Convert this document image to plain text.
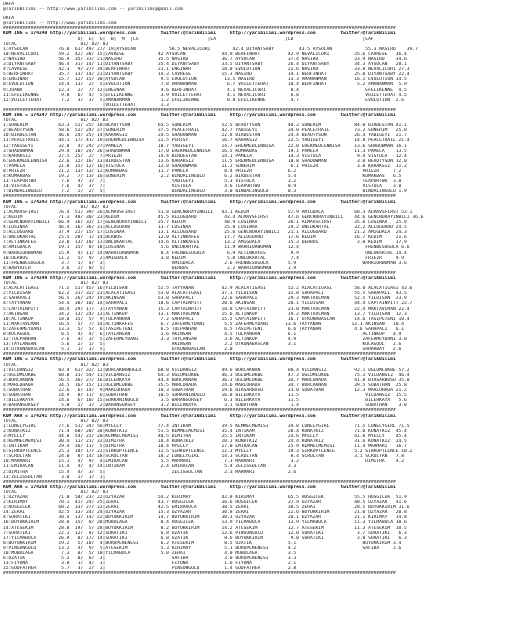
URFA
@TarikBilimi -- http://www.yaribilimi.com -- yaribilimi@gmail.com
URFA
@TarikBilimi -- http://www.yaribilimi.com
##############################################################################################################################################
KUM ING = 174240 http://yaribilimi.wordpress.com         twitter:@TarikBilimi     http://yaribilimi.wordpress.com         twitter:@TarikBilimi
O|  E|  G|  B|  M  |LS                         |LA                         |LD                         |LAF
TOTAL                       81/ 82/ 83
1:AYSUCAN           76.0  61/ 49/ 27/ 19|AYSUCAN            58.5 NEVALICORI        42.4 DIYANTSABY         43.5 AYSUCAN            55.3 NASIRD    39.7
10:NEVALICORI       59.2  42/ 30/ 15|CAVRESE            42 AYSUCAN             44.9 BERFINHAT          42.9 NEVALICORI         35.6 CAVRESE   36.4
2:NASIRD            56.9  35/ 31/ 21|NASIRD             35.5 NASIRD            36.7 AYSUCAN            37.4 NASIRD             33.9 NASIRD    34.6
3:DIYANTSABY        46.4  31/ 14/ 11|DIYANTSABY         35.4 DIYANTSABY        33.5 DIYANTSABY         26.4 DIYANTSABY         34.3 AYSUCAN   28.1
4:CAVRESE           42.3   9/ 27/ 34|BERFINHAT          21.1 ENGINAR           18.0 EVOLUTION          22.6 NASIRD             33.8 NEVALICORI 27.3
5:BERFINHAT         35.7  13/ 14/ 21|DIYANTSABY         14.3 CAVRESE           15.3 NASIRD             14.1 BERFINHAT          25.0 DIYANTSABY 22.4
6:ENGINAR           15.7  12/ 15/ 30|AYSUCAN             9.5 EVOLUTION          13.5 NASIRD            13.3 AMANANMAN          16.1 EVOLUTION 14.5
8:EVOLUTION         14.4  13/  2/  5|EVOLUTION           7.8 AMANANMAN           6.7 VOILETTEHAT       10.4 BERFINHAT           5.2 AMANANMAN  5.9
9:JOANA             12.3   2/  7/ 12|ENGINAR             4.6 BERFINHAT           4.1 NEVALICORI         8.4                        EFELIKENNE  4.5
11:EFELIKENNE        9.8   6/  4/  5|EFELIKENNE          3.9 VOILETTEHAT         4.1 NEVALICORI         6.8                        VOILETTEHAT 4.5
12:VOILETTEHAT       7.2   3/  3/  5|AMANANMAN           1.2 EFELIKENNE          0.8 EFELIKENNE         4.7                        EVOLUTION  2.6
|VOILETTEHAT         1.3
##############################################################################################################################################
KUM ING = 174247 http://yaribilimi.wordpress.com         twitter:@TarikBilimi     http://yaribilimi.wordpress.com         twitter:@TarikBilimi
TOTAL                       81/ 82/ 83
1:SONERIM           63.3  51/ 25/ 18|BEAUTYSUN          65.5 SONERIM           52.5 BEAUTYSUN          40.2 SONERIM            84.0 BIRDESTAN 41.1
2:BEAUTYSUN         58.6  52/ 24/ 27|SONERIM            37.5 PEACETRAIL        42.7 YABIGEYI           34.8 PEACETRAIL         73.2 SONERIM   25.8
10:BIRDESTAN        46.6  24/ 25/ 14|KARAKSIZ           24.5 SHADOWMAN         22.8 BIRDESTAN          24.4 BEAUTYSUN          26.4 YABIGEYI  21.7
11:PEACETRAIL       44.1  17/ 41/ 19|EREKMEDLENNISA     22.5 PIRISY            16.7 KARAKSIZ           22.5 YABIGEYI           14.8 PEACETRAIL 21.4
12:YABIGEYI         32.8   4/ 24/ 27|PAMELA             18.7 YABIGEYI          14.7 EREKMEDLENNISA     22.0 EREKMEDLENNISA     13.6 SHADOWMAN 16.1
3:SHADOWMAN         29.4  10/ 24/ 26|SHADOWMAN          17.0 EREKMEDLENNISA    16.5 KUMAKBAS           19.1 PAMELA             11.3 PAMELA    13.5
5:KARAKSIZ          27.5  25/  2/  7|PRIEZR             14.4 BIRDESTAN         14.1 PAMELA             14.3 VISTULA             9.4 VISTULA   12.4
6:EREKMEDLENNISA    22.6  12/ 16/ 13|BIRDESTAN          13.6 KARAKSIZ          11.5 EREKMEDLENNISA     10.8 SHADOWMAN           3.0 BEAUTYSUN 12.0
7:PAMELA            21.8  15/ 12/ 16|VISTULA            12.8 SHADOWMAN         11.2 SONERIM             6.1 PRIEZR              3.0 KARAKSIZ  11.2
8:PRIEZR            21.2  13/ 13/ 12|KUMAKBAS           11.7 PAMELA             8.4 PRIEZR             6.2                        PRIEZR     7.2
4:KUMAKBAS          19.2   7/ 13/ 16|SONERIM             2.2 BINDALINGULU       6.2 BIRDESTAN          5.4                        KUMAKBAS   6.5
13:TEAPORTWO         7.6   4/  3/  7|                        YABIGEYI           5.3 VISTULA            3.2                        TEAPORTWO  3.0
14:VISTULA           7.6   4/  3/  7|                        VISTULA            4.6 TEAPORTWO          0.9                        VISTULA    3.0
7:BINDALINGULU       7.2   1/  2/  5|                        BINDALINGULU       3.0 BINDALINGULU       0.3                        BINDALINGULU 1.9
##############################################################################################################################################
KUM ING = 174243 http://yaribilimi.wordpress.com         twitter:@TarikBilimi     http://yaribilimi.wordpress.com         twitter:@TarikBilimi
TOTAL                       81/ 82/ 83
1:ALMAVSFIRST       76.4  51/ 39/ 26|ALMAVSFIRST        51.8 GENCNORAYINBILI   43.1 KEDIM              57.9 AMIGDALA           68.3 ALMAVSFIRST 53.1
2:KEDIM             71.3  48/ 30/ 23|KEDIM              45.5 ALLOGUARD          43.4 ALMAVSFIRST       47.6 GENCNORAYINBILI    44.6 GENCNORAYINBILI 36.6
3:GENCNORAYINBILI   66.9  36/ 33/ 17|GENCNORAYINBILI    35.7 KEDIM              40.9 LUSINAA           36.1 ALMAVSFIRST        35.6 LUSINAA   25.9
4:LUSINAA           46.4  16/ 36/ 31|ALLOGUARD          13.7 LUSINAA            25.8 LUSINAA           29.2 UNLUKARTAL         32.2 ALLOGUARD 24.5
5:ALLOGUARD         37.9  22/ 15/ 17|LUSINAA            13.1 ALLOGUARD          25.6 GENCNORAYINBILI   21.1 ALLOGUARD          21.2 AMIGDALA  24.3
6:UNLUKARTAL        25.5  20/  1/ 14|DERBUS             12.0 ALTINKAFES         17.7 ALLOGUARD         17.6 KEDIM              16.7 KEDIM     21.6
7:ALTINKAFES        23.0  13/ 10/ 11|UNLUKARTAL         14.6 ALTINKAFES         13.2 AMIGDALA          15.3 DERBUS              3.0 KEDIM     17.9
8:AMIGDALA          19.1  15/  8/ 18|LUSINAA             5.6 UNLUKARTAL         11.9 WARRIORWOMAN      12.4                        FRENBESOGOLA 6.6
9:WARRIORWOMAN      15.9   4/ 11/ 14|WARRIORWOMAN        8.4 FRENBESOGOLA        6.9 ALTINKAFES         9.9                        UNLUKARTAL 14.4
10:DERBUS           11.2   5/  9/  2|AMIGDALA            3.8 KEDIM               5.0 UNLUKARTAL         7.4                        FRIEZR     9.9
11:FRENBESOGOLA      3.7   1/  4/  3|                        AMIGDALA           2.6 FRENBESOGOLA       5.9                        WARRIORWOMAN 3.6
8:BABYRICH           3.6   2/  0/  5|                        DERBUS              2.2 WARRIORWOMAN      1.9
##############################################################################################################################################
KUM ING = 174249 http://yaribilimi.wordpress.com         twitter:@TarikBilimi     http://yaribilimi.wordpress.com         twitter:@TarikBilimi
TOTAL                       81/ 82/ 83
1:ALACATIGASI       71.5  51/ 45/ 16|YILDISAN           52.5 TAYYANAN          42.9 ALACATIGASI        52.2 ALACATIGASI        56.0 ALACATIGASI 43.6
2:YILDISAN          62.2  31/ 32/ 23|ALACATIGASI        53.0 ALACATIGASI       37.1 YILDISAN           32.8 SAHAPALI           55.5 SAHAPALI  43.5
3:SAHAPALI          56.5  26/ 24/ 19|AKINSAN            53.0 SAHAPALI          22.6 SAHAPALI           29.3 MAKTAVLMAN         52.5 YILDISAN  23.9
4:TAYYANAN          54.4  38/ 18/ 14|SAHAPALI           18.6 CAPTAINPITT       20.6 AKINSAN            28.1 YILDISAN           44.4 CAPTAINPITT 22.7
5:CAPTAINPITT       38.4  29/ 17/  3|TAYYANAN           15.3 CAPTAINPITT       18.8 CAPTAINPITT        23.0 MAKTAVLMAN         22.4 MAKTAVLMAN 22.4
7:AKINSAN           34.2  13/ 24/ 13|ALTINKOP           13.1 MAKTAVLMAN        15.6 ALTINKOP           19.2 MAKTAVLMAN         13.7 YILDISAN  12.3
10:ALTINKOP         18.0  15/  5/  9|TULPANHAN           7.2 SAHAPALI          15.5 CAPTAINPITT        16.7 UTKUNABASCAN       14.6 TASIPETENI 10.4
11:MAKTAVLMAN       16.5   5/  7/ 14|ALTINKAFES          6.7 ZAFERMEYDANI       5.5 ZAFERMEYDANI      13.6 TAYYANAN           12.1 AKINSAN   10.4
6:ZAFERMEYDANI      13.3   5/  5/  6|TASIPETENI          6.5 TULPANHAN          6.5 TASIPETENI         6.6 TAYYANAN            4.6 SAHAPALI   6.1
8:KOCAGOUL           8.5   4/  4/  6|TAYLANSAN           3.6 AKINSAN            4.5 TULPANHAN          6.1                        ALTINKOP   4.9
12:TULPANHAN         7.6   4/  3/  5|ZAFERMEYDANI        3.3 TAYLANSAN          3.6 ALTINKOP           4.9                        ZAFERMEYDANI 3.0
13:TAYLANSAN         5.6   2/  1/  5|                        AKINSAN            2.2 UTKUNABASCAN       3.1                        KOCAGOUL   2.6
14:UTKUNABASCAN      5.1   1/  3/  5|                        UTKUNABASCAN       2.0                                               SAHARBAY   2.6
##############################################################################################################################################
KUM ING = 174251 http://yaribilimi.wordpress.com         twitter:@TarikBilimi     http://yaribilimi.wordpress.com         twitter:@TarikBilimi
TOTAL                       81/ 82/ 83
1:VICDANSIZ         83.4  61/ 32/ 12|BURCAKNANOGLU      68.8 VICDANSIZ         49.6 BURCAKNAN          80.4 VICDANSIZ          92.1 OGLUMLUKBE 57.2
2:OGLUMLUKBE        68.8  31/ 54/ 11|VICDANSIZ          64.3 OGLUMLUKBE        46.3 OGLUMLUKBE         47.3 OGLUMLUKBE         75.3 VICDANSIZ  46.4
3:BURCAKNAN         56.5  36/ 27/ 16|BILERKAYA          44.4 BURCAKNAN         36.3 OGLUMLUKBE         34.7 MARLUHADA          41.8 BIRSARBOSO 35.0
4:MARLUHADA         34.5  16/ 15/ 11|OGLUMLUKBE         35.5 MARLUHADA         24.6 MARLUHADA          34.7 BURCAKNAN          39.5 SUBATHAN  25.8
5:SUBATHAN          22.6   6/ 14/  9|MARLUHADA          18.3 SUBATHAN          19.6 BIRSARBOSO         23.0 SUBATHAN           12.3 MARLUHADA 21.2
6:SUBATHAN          14.9   8/ 11/  6|SUBATHAN           10.5 SURKANINOGLU      16.8 BILERKAYA          11.5                        VICDANSIZ  15.5
7:BILERKAYA         14.6   6/ 10/ 15|SURKANINOGLU        3.5 BARANSORSEY        6.3 BILERKAYA          11.5                        BILERKAYA   5.6
8:BARANSORSEY        5.0   2/  3/  2|BARANSORSEY         3.2 BILERKAYA          3.1 SUBATHAN            1.4                        SUBATHAN    3.0
##############################################################################################################################################
KUM ARA = 174241 http://yaribilimi.wordpress.com         twitter:@TarikBilimi     http://yaribilimi.wordpress.com         twitter:@TarikBilimi
TOTAL                       81/ 82/ 83
1:LONELYGIRL        77.6  51/ 34/ 56|MYELLY             77.4 INTIKAM           39.5 KEMMECMEMISI       34.8 LONELYGIRL         71.5 LONELYGIRL 71.5
2:KUNATKIZ          71.4  60/ 20/ 30|KUNATKIZ           51.5 KEMMECMEMISI      35.4 INTIKAM            28.4 KUNATKIZ           71.0 KUNATKIZ  45.4
3:MYELLY            44.8  54/ 22/ 20|KEMMECMEMISI       40.5 DIMITRA           25.5 INTIKAM            24.6 MYELLY             41.0 MYELLY    45.4
4:KEMMECMEMISI      30.4  11/ 21/ 32|DIMITRA            18.4 KUNATKIZ          20.1 KUNATKIZ           24.4 KUNATKIZ           31.6 KUNATKIZ  24.5
5:INTIKAM           29.4  36/ 11/  5|DIMITRA            18.4 MYELLY            27.0 EMIRACAN           25.9 KEMMECMEMISI       11.4 MARMARI   16.7
6:SIRKOPTLENCE      25.3  10/ 17/ 22|SIRKOPTLENCE       12.5 SIRKOPTLENCE      22.3 MYELLY             19.3 SIRKOPTLENCE       5.2 SIRKOPTLENCE 10.2
7:SCRULTAN          24.0   8/ 14/ 18|SCRULTAN           10.2 LONELYGIRL        14.3 SCRULTAN            8.4 SCRULTAN           3.1 SCRULTAN   7.8
10:MARMARI          15.1   4/  9/  4|EMIRACAN            5.5 MARMARI            7.3 MARMARI             3.2                        DIMITRA    4.2
11:EMIRACAN         11.4   4/  4/ 14|INTIKAM             2.4 EMIRACAN           5.4 ZELISSULTAN        3.3
2:DIMITRA           15.4   4/  3/  5|                        ZELISSULTAN        2.3 MARMARI            2.6
13:ZELISSULTAN       3.0   1/  1/  1|
##############################################################################################################################################
KUM ARA = 174250 http://yaribilimi.wordpress.com         twitter:@TarikBilimi     http://yaribilimi.wordpress.com         twitter:@TarikBilimi
TOTAL                       81/ 82/ 83
1:OZYAZAR           71.0  58/ 23/ 22|OZYAZAR            54.2 KIRIMAY           42.8 KIRIMAY            65.5 HOSGICEK           55.5 HOSGICEK  51.9
2:KIRIMAY           70.1  41/ 24/ 25|ZERAI              43.7 HOSGICEK          36.6 HOSGICEK           37.9 OZYAZAR            48.5 OZYAZAR   41.6
3:HOSGICEK          60.2  33/ 27/ 22|ZERAI              42.5 EMIRAHOCA         38.5 ZERAI              30.5 ZERAI              28.5 BOYUKKIRIM 31.6
14:ZERAI            42.5  13/ 24/ 24|OZYAZAR            15.3 OZYAZAR           30.8 ZERAI              22.6 BOYUKKIRIM         21.0 OZYAZAR   20.8
4:SURATIKI          30.4  13/ 14/ 22|BOYUKKIRIM         14.7 BOYUKKIRIM        30.3 OZYAZAR            20.1 OZYAZAR            21.1 KIRIMAY   14.8
16:BOYUKKIRIM       28.8  15/  8/ 28|MOBOLAGA            8.4 HOSGICEK          13.9 YILMABOCA          13.9 YILMABOCA          11.3 YILMABOCA 10.6
14:ATESEKIM         28.8  19/  5/ 28|BOYUKKIRIM          8.2 BOYUKKIRIM        14.2 ATESEKIM           12.7 ATESEKIM           11.3 ATESEKIM  10.5
7:SURATIKI          22.1  12/  8/ 12|SURATIKI            6.8 OZATIK            12.6 PINSONGOLU         12.0 SURATIKI            3.7 SURATIKI   6.3
17:YILMABOCA        26.9   8/ 17/ 14|SURATIKI            6.8 OZATIK             8.6 BOYUKKIRIM          9.0 SURATIKI            3.0 SURATIKI   6.3
8:BOYUKKIRIM        19.2   5/ 10/  4|BURUPENENESI        6.2 ATESEKIM           8.5 OZATIK             5.1                        BOYUKKIRIM 3.4
9:PINSONGOLU        13.2   4/  9/  5|ATESEKIM            5.3 KIRIMAY            5.1 BURUPENENESI       4.2                        SAFIBA     2.6
10:MOBOLAGA          7.3   0/  5/ 10|YILMABOCA           5.0 ZERAI              4.0 MOBOLAGA           3.5
6:OZATIK             5.2   0/  6/  3|                        SAFIBA             3.0 BURUPENENESI       3.3
13:FIYONA            3.8   1/  4/  3|                        FIYONA             1.6 FIYONA             2.1
15:GODFATHER         5.7   3/  2/  1|                        PINSONGOLU         1.4 GODFATHER          2.8
##############################################################################################################################################
